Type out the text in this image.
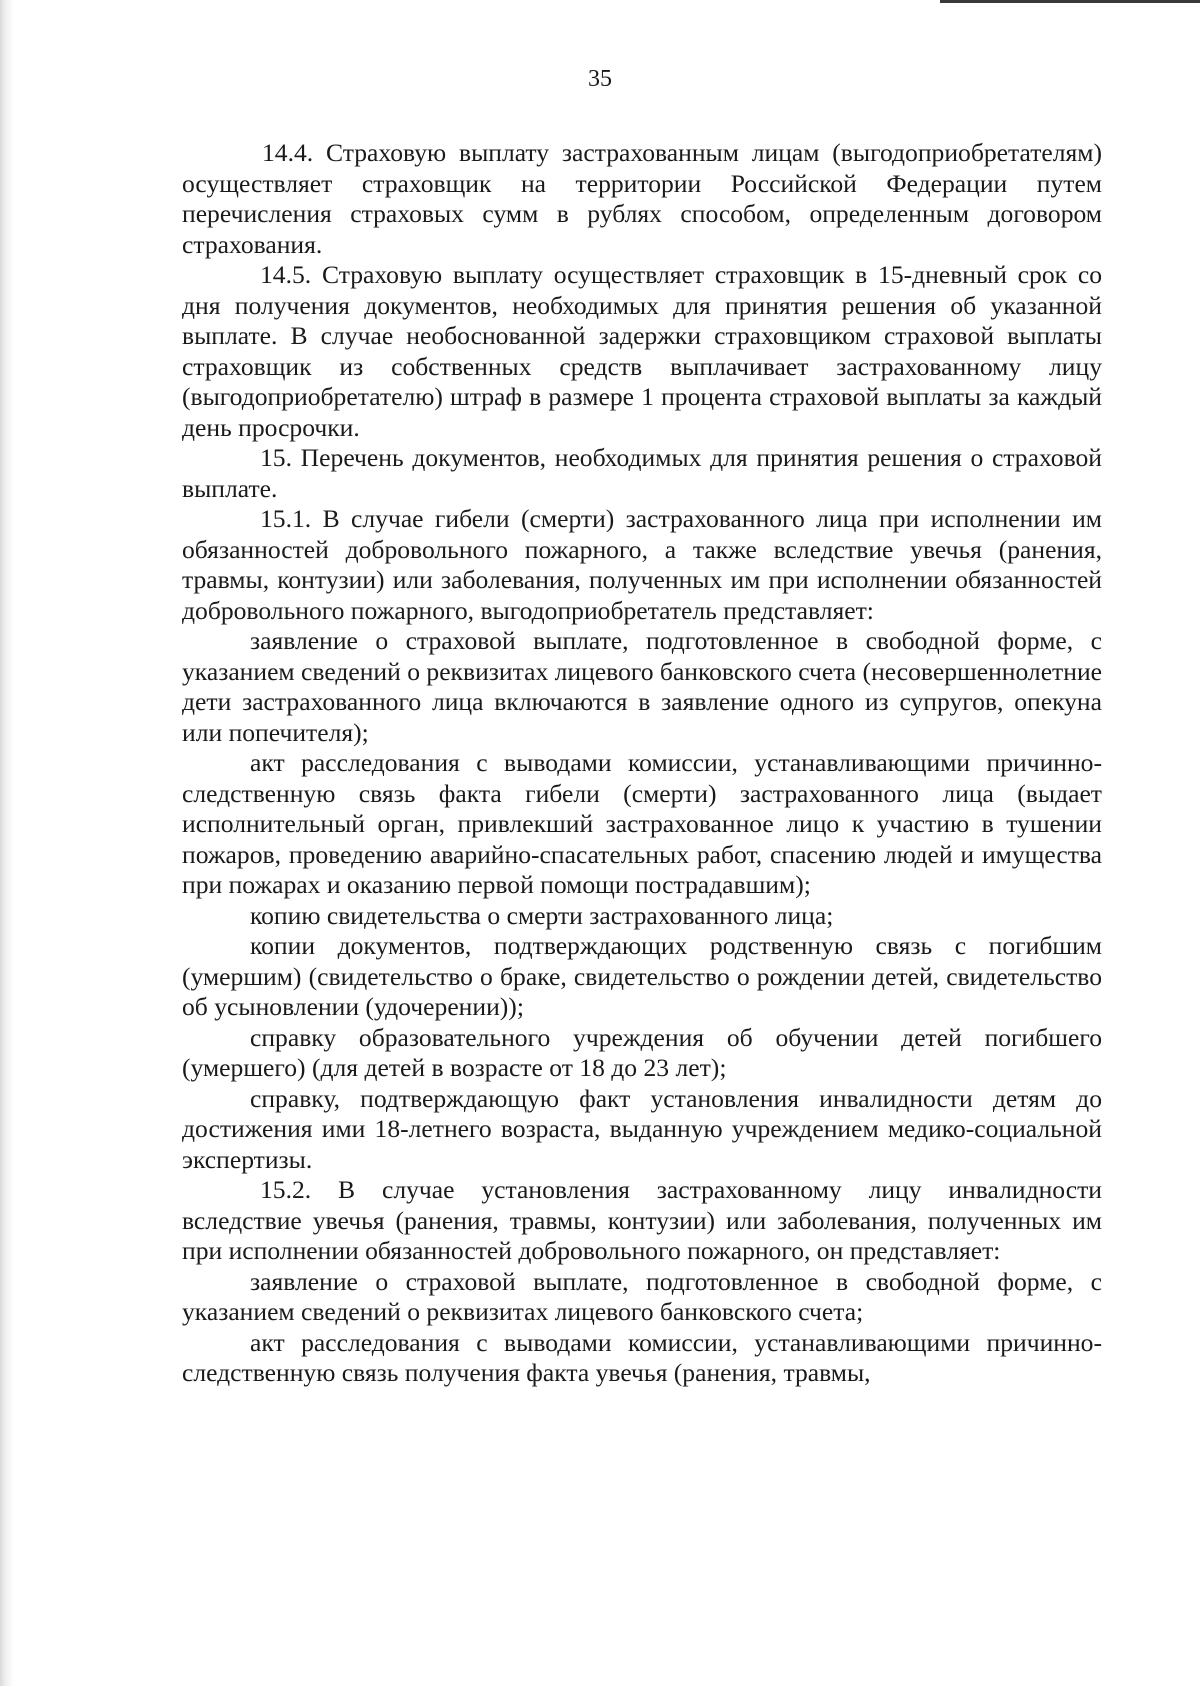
35

14.4. Страховую выплату застрахованным лицам (выгодоприобретателям) осуществляет страховщик на территории Российской Федерации путем перечисления страховых сумм в рублях способом, определенным договором страхования.

14.5. Страховую выплату осуществляет страховщик в 15-дневный срок со дня получения документов, необходимых для принятия решения об указанной выплате. В случае необоснованной задержки страховщиком страховой выплаты страховщик из собственных средств выплачивает застрахованному лицу (выгодоприобретателю) штраф в размере 1 процента страховой выплаты за каждый день просрочки.

15. Перечень документов, необходимых для принятия решения о страховой выплате.

15.1. В случае гибели (смерти) застрахованного лица при исполнении им обязанностей добровольного пожарного, а также вследствие увечья (ранения, травмы, контузии) или заболевания, полученных им при исполнении обязанностей добровольного пожарного, выгодоприобретатель представляет:

заявление о страховой выплате, подготовленное в свободной форме, с указанием сведений о реквизитах лицевого банковского счета (несовершеннолетние дети застрахованного лица включаются в заявление одного из супругов, опекуна или попечителя);

акт расследования с выводами комиссии, устанавливающими причинно-следственную связь факта гибели (смерти) застрахованного лица (выдает исполнительный орган, привлекший застрахованное лицо к участию в тушении пожаров, проведению аварийно-спасательных работ, спасению людей и имущества при пожарах и оказанию первой помощи пострадавшим);

копию свидетельства о смерти застрахованного лица;

копии документов, подтверждающих родственную связь с погибшим (умершим) (свидетельство о браке, свидетельство о рождении детей, свидетельство об усыновлении (удочерении));

справку образовательного учреждения об обучении детей погибшего (умершего) (для детей в возрасте от 18 до 23 лет);

справку, подтверждающую факт установления инвалидности детям до достижения ими 18-летнего возраста, выданную учреждением медико-социальной экспертизы.

15.2. В случае установления застрахованному лицу инвалидности вследствие увечья (ранения, травмы, контузии) или заболевания, полученных им при исполнении обязанностей добровольного пожарного, он представляет:

заявление о страховой выплате, подготовленное в свободной форме, с указанием сведений о реквизитах лицевого банковского счета;

акт расследования с выводами комиссии, устанавливающими причинно-следственную связь получения факта увечья (ранения, травмы,
